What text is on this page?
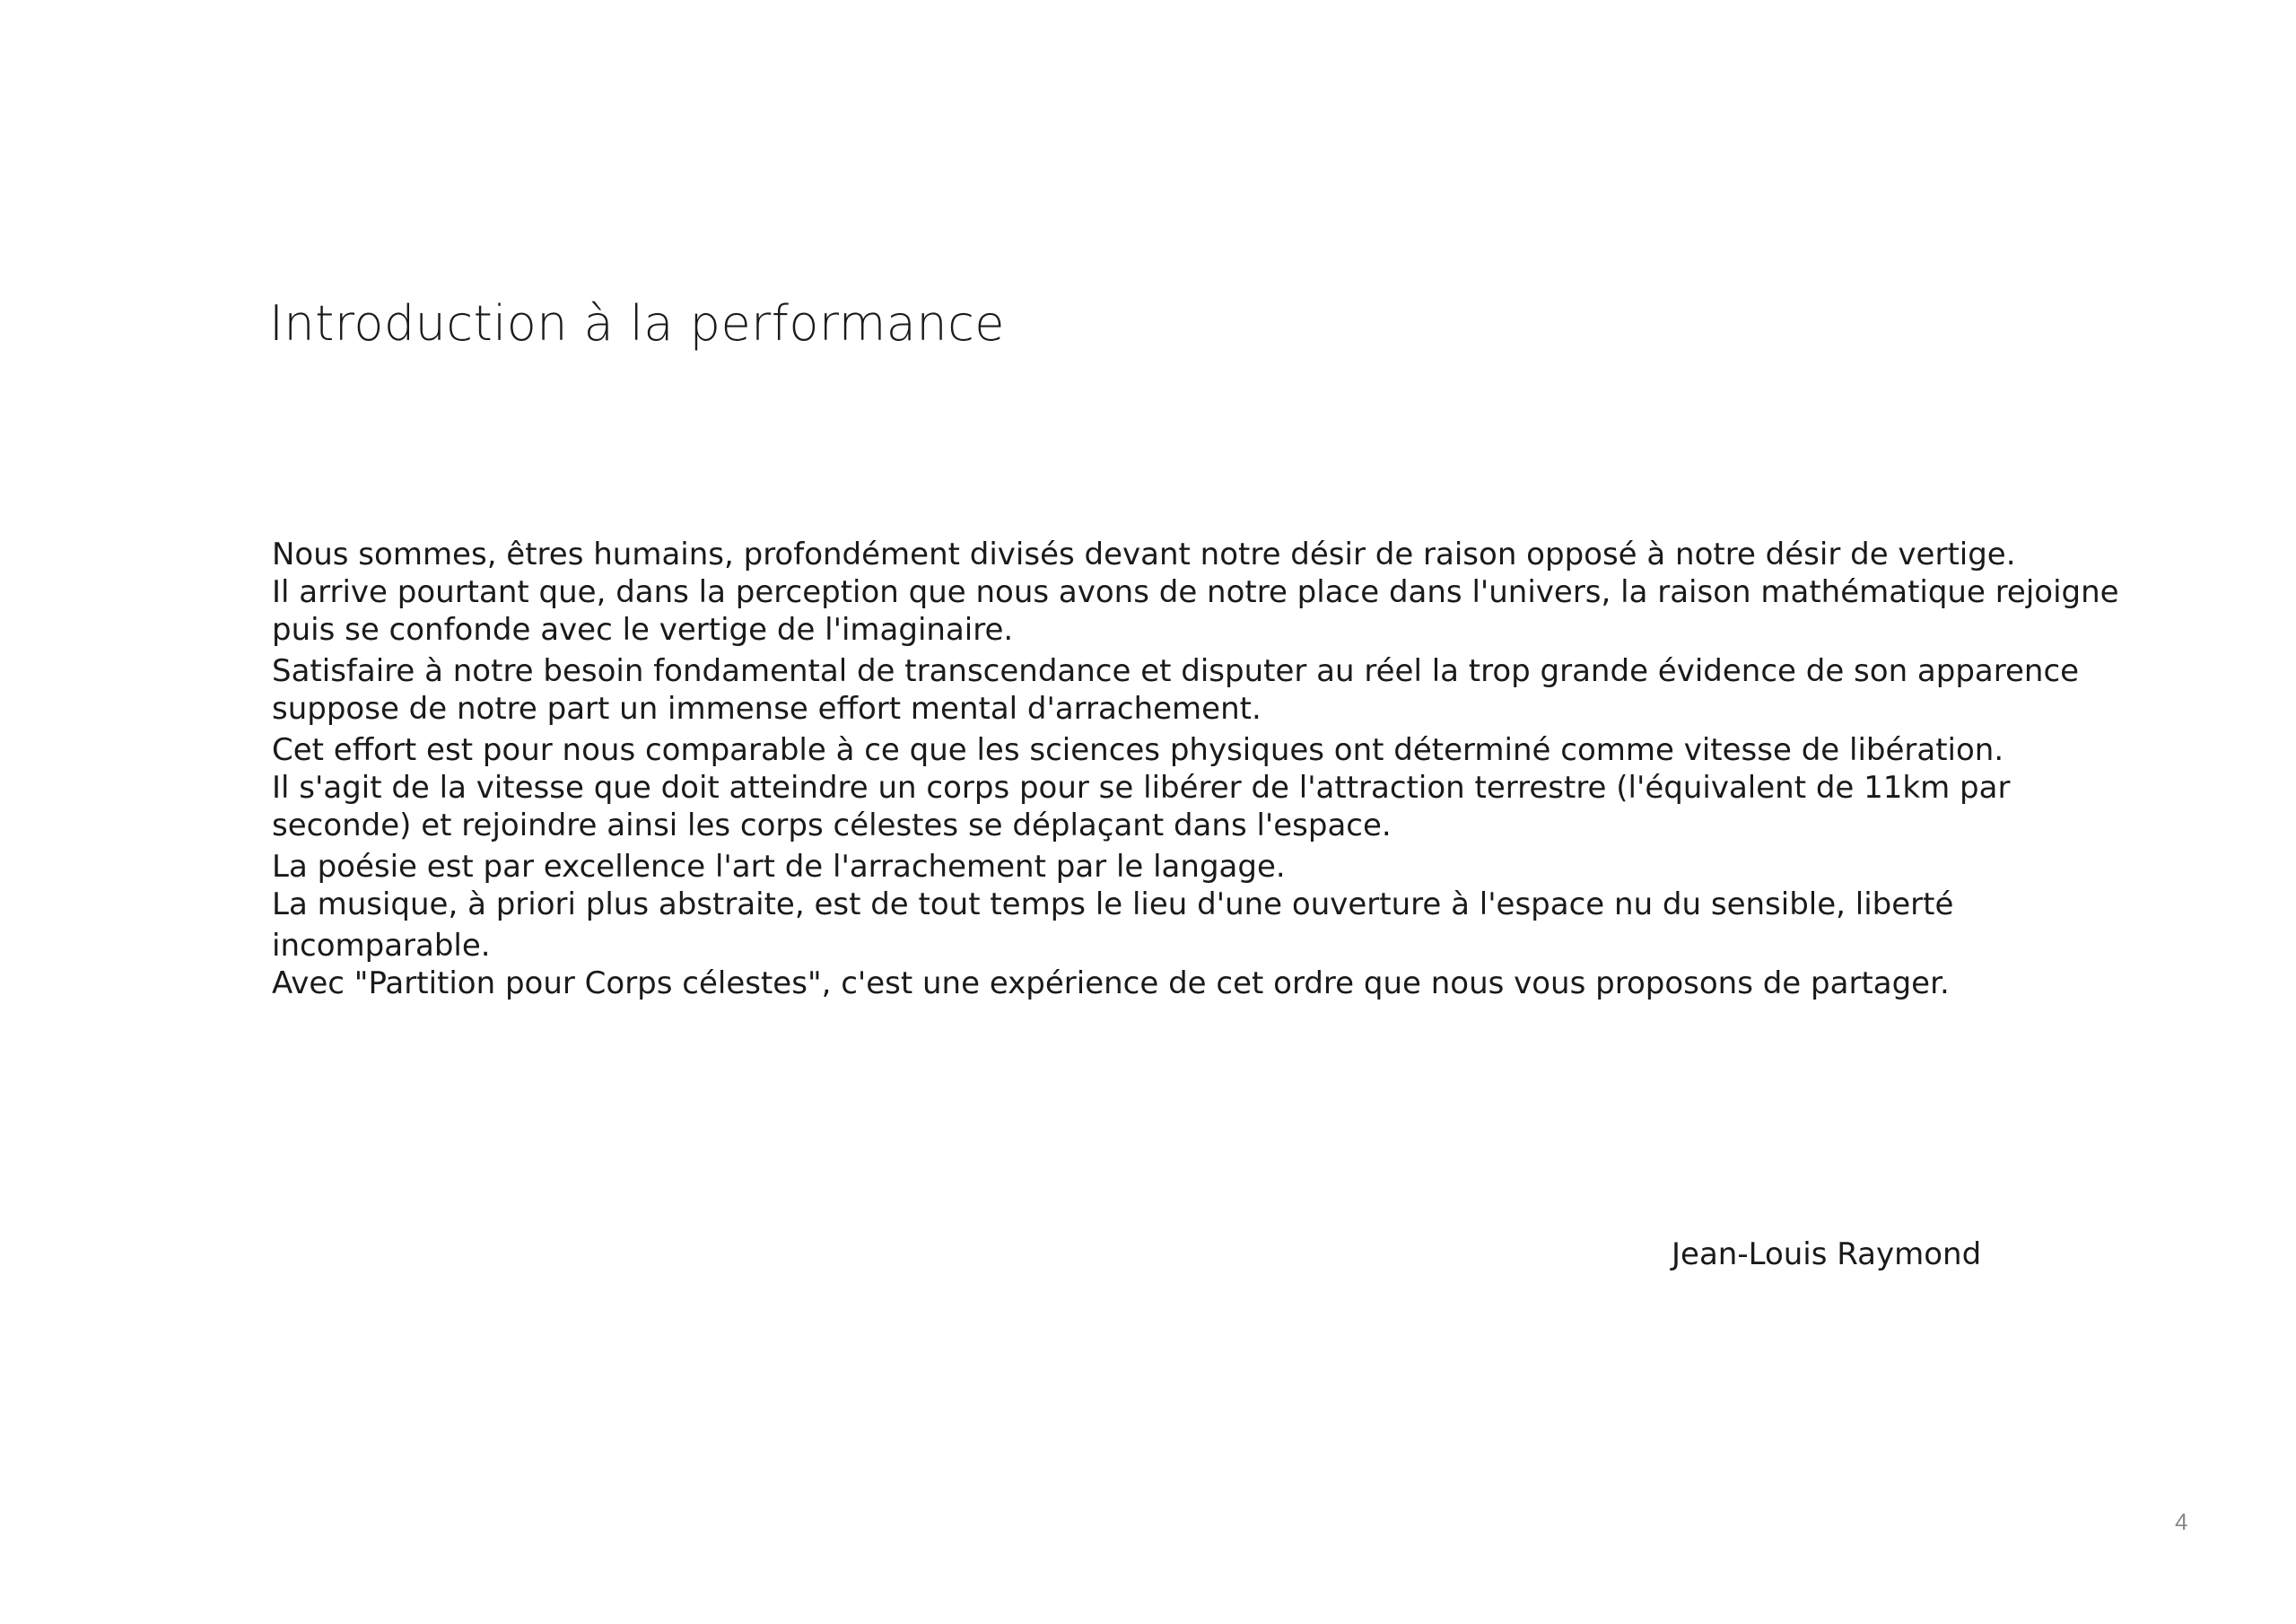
Introduction à la performance
Nous sommes, êtres humains, profondément divisés devant notre désir de raison opposé à notre désir de vertige.
Il arrive pourtant que, dans la perception que nous avons de notre place dans l'univers, la raison mathématique rejoigne
puis se confonde avec le vertige de l'imaginaire.
Satisfaire à notre besoin fondamental de transcendance et disputer au réel la trop grande évidence de son apparence
suppose de notre part un immense effort mental d'arrachement.
Cet effort est pour nous comparable à ce que les sciences physiques ont déterminé comme vitesse de libération.
Il s'agit de la vitesse que doit atteindre un corps pour se libérer de l'attraction terrestre (l'équivalent de 11km par
seconde) et rejoindre ainsi les corps célestes se déplaçant dans l'espace.
La poésie est par excellence l'art de l'arrachement par le langage.
La musique, à priori plus abstraite, est de tout temps le lieu d'une ouverture à l'espace nu du sensible, liberté
incomparable.
Avec "Partition pour Corps célestes", c'est une expérience de cet ordre que nous vous proposons de partager.

Jean-Louis Raymond

4
